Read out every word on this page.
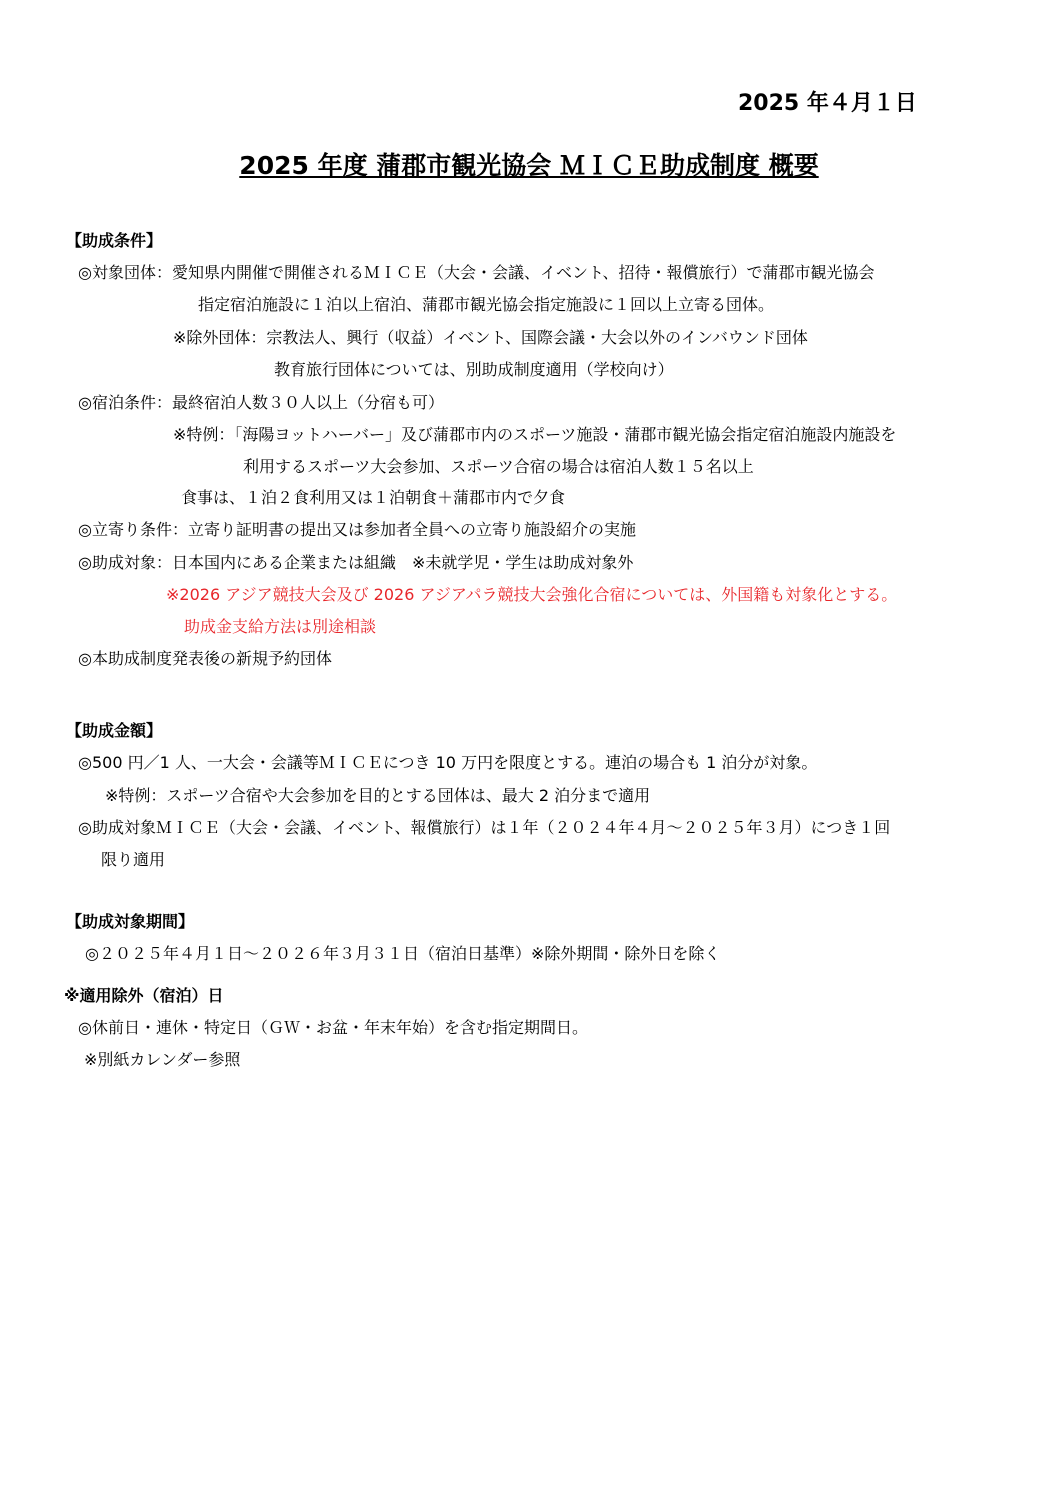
2025 年４月１日
2025 年度 蒲郡市観光協会 ＭＩＣＥ助成制度 概要
【助成条件】
◎対象団体：愛知県内開催で開催されるＭＩＣＥ（大会・会議、イベント、招待・報償旅行）で蒲郡市観光協会
指定宿泊施設に１泊以上宿泊、蒲郡市観光協会指定施設に１回以上立寄る団体。
※除外団体：宗教法人、興行（収益）イベント、国際会議・大会以外のインバウンド団体
教育旅行団体については、別助成制度適用（学校向け）
◎宿泊条件：最終宿泊人数３０人以上（分宿も可）
※特例：「海陽ヨットハーバー」及び蒲郡市内のスポーツ施設・蒲郡市観光協会指定宿泊施設内施設を
利用するスポーツ大会参加、スポーツ合宿の場合は宿泊人数１５名以上
食事は、１泊２食利用又は１泊朝食＋蒲郡市内で夕食
◎立寄り条件：立寄り証明書の提出又は参加者全員への立寄り施設紹介の実施
◎助成対象：日本国内にある企業または組織　※未就学児・学生は助成対象外
※2026 アジア競技大会及び 2026 アジアパラ競技大会強化合宿については、外国籍も対象化とする。
助成金支給方法は別途相談
◎本助成制度発表後の新規予約団体
【助成金額】
◎500 円／1 人、一大会・会議等ＭＩＣＥにつき 10 万円を限度とする。連泊の場合も 1 泊分が対象。
※特例：スポーツ合宿や大会参加を目的とする団体は、最大 2 泊分まで適用
◎助成対象ＭＩＣＥ（大会・会議、イベント、報償旅行）は１年（２０２４年４月～２０２５年３月）につき１回
限り適用
【助成対象期間】
◎２０２５年４月１日～２０２６年３月３１日（宿泊日基準）※除外期間・除外日を除く
※適用除外（宿泊）日
◎休前日・連休・特定日（ＧＷ・お盆・年末年始）を含む指定期間日。
※別紙カレンダー参照
